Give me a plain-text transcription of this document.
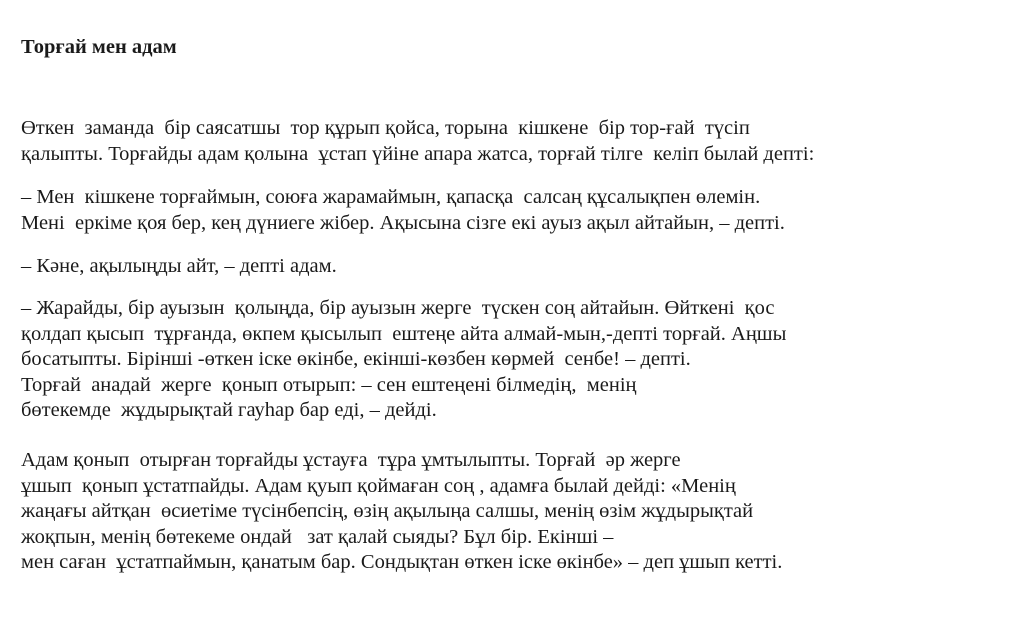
Торғай мен адам

Өткен  заманда  бір саясатшы  тор құрып қойса, торына  кішкене  бір тор-ғай  түсіп
қалыпты. Торғайды адам қолына  ұстап үйіне апара жатса, торғай тілге  келіп былай депті:

– Мен  кішкене торғаймын, союға жарамаймын, қапасқа  салсаң құсалықпен өлемін.
Мені  еркіме қоя бер, кең дүниеге жібер. Ақысына сізге екі ауыз ақыл айтайын, – депті.

– Кәне, ақылыңды айт, – депті адам.

– Жарайды, бір ауызын  қолыңда, бір ауызын жерге  түскен соң айтайын. Өйткені  қос
қолдап қысып  тұрғанда, өкпем қысылып  ештеңе айта алмай-мын,-депті торғай. Аңшы
босатыпты. Бірінші -өткен іске өкінбе, екінші-көзбен көрмей  сенбе! – депті.
Торғай  анадай  жерге  қонып отырып: – сен ештеңені білмедің,  менің
бөтекемде  жұдырықтай гауһар бар еді, – дейді.

Адам қонып  отырған торғайды ұстауға  тұра ұмтылыпты. Торғай  әр жерге
ұшып  қонып ұстатпайды. Адам қуып қоймаған соң , адамға былай дейді: «Менің
жаңағы айтқан  өсиетіме түсінбепсің, өзің ақылыңа салшы, менің өзім жұдырықтай
жоқпын, менің бөтекеме ондай   зат қалай сыяды? Бұл бір. Екінші –
мен саған  ұстатпаймын, қанатым бар. Сондықтан өткен іске өкінбе» – деп ұшып кетті.
